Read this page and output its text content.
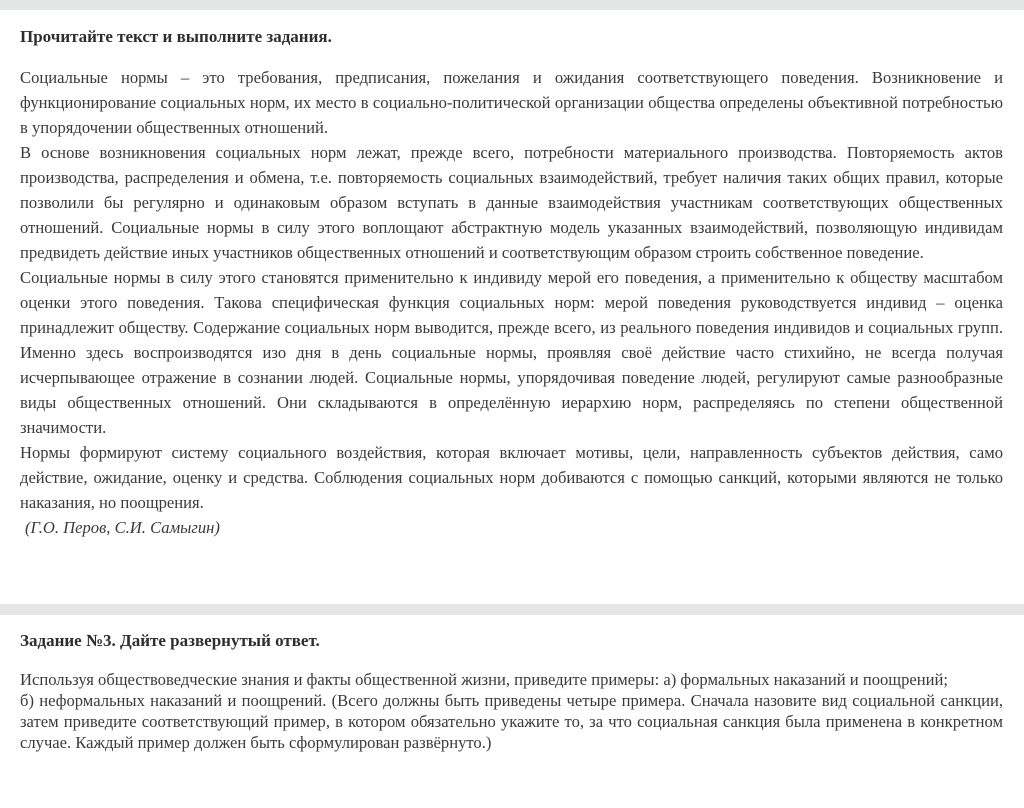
Прочитайте текст и выполните задания.

Социальные нормы – это требования, предписания, пожелания и ожидания соответствующего поведения. Возникновение и функционирование социальных норм, их место в социально-политической организации общества определены объективной потребностью в упорядочении общественных отношений.

В основе возникновения социальных норм лежат, прежде всего, потребности материального производства. Повторяемость актов производства, распределения и обмена, т.е. повторяемость социальных взаимодействий, требует наличия таких общих правил, которые позволили бы регулярно и одинаковым образом вступать в данные взаимодействия участникам соответствующих общественных отношений. Социальные нормы в силу этого воплощают абстрактную модель указанных взаимодействий, позволяющую индивидам предвидеть действие иных участников общественных отношений и соответствующим образом строить собственное поведение.

Социальные нормы в силу этого становятся применительно к индивиду мерой его поведения, а применительно к обществу масштабом оценки этого поведения. Такова специфическая функция социальных норм: мерой поведения руководствуется индивид – оценка принадлежит обществу. Содержание социальных норм выводится, прежде всего, из реального поведения индивидов и социальных групп. Именно здесь воспроизводятся изо дня в день социальные нормы, проявляя своё действие часто стихийно, не всегда получая исчерпывающее отражение в сознании людей. Социальные нормы, упорядочивая поведение людей, регулируют самые разнообразные виды общественных отношений. Они складываются в определённую иерархию норм, распределяясь по степени общественной значимости.

Нормы формируют систему социального воздействия, которая включает мотивы, цели, направленность субъектов действия, само действие, ожидание, оценку и средства. Соблюдения социальных норм добиваются с помощью санкций, которыми являются не только наказания, но поощрения.

(Г.О. Перов, С.И. Самыгин)

Задание №3. Дайте развернутый ответ.

Используя обществоведческие знания и факты общественной жизни, приведите примеры: а) формальных наказаний и поощрений;

б) неформальных наказаний и поощрений. (Всего должны быть приведены четыре примера. Сначала назовите вид социальной санкции, затем приведите соответствующий пример, в котором обязательно укажите то, за что социальная санкция была применена в конкретном случае. Каждый пример должен быть сформулирован развёрнуто.)
